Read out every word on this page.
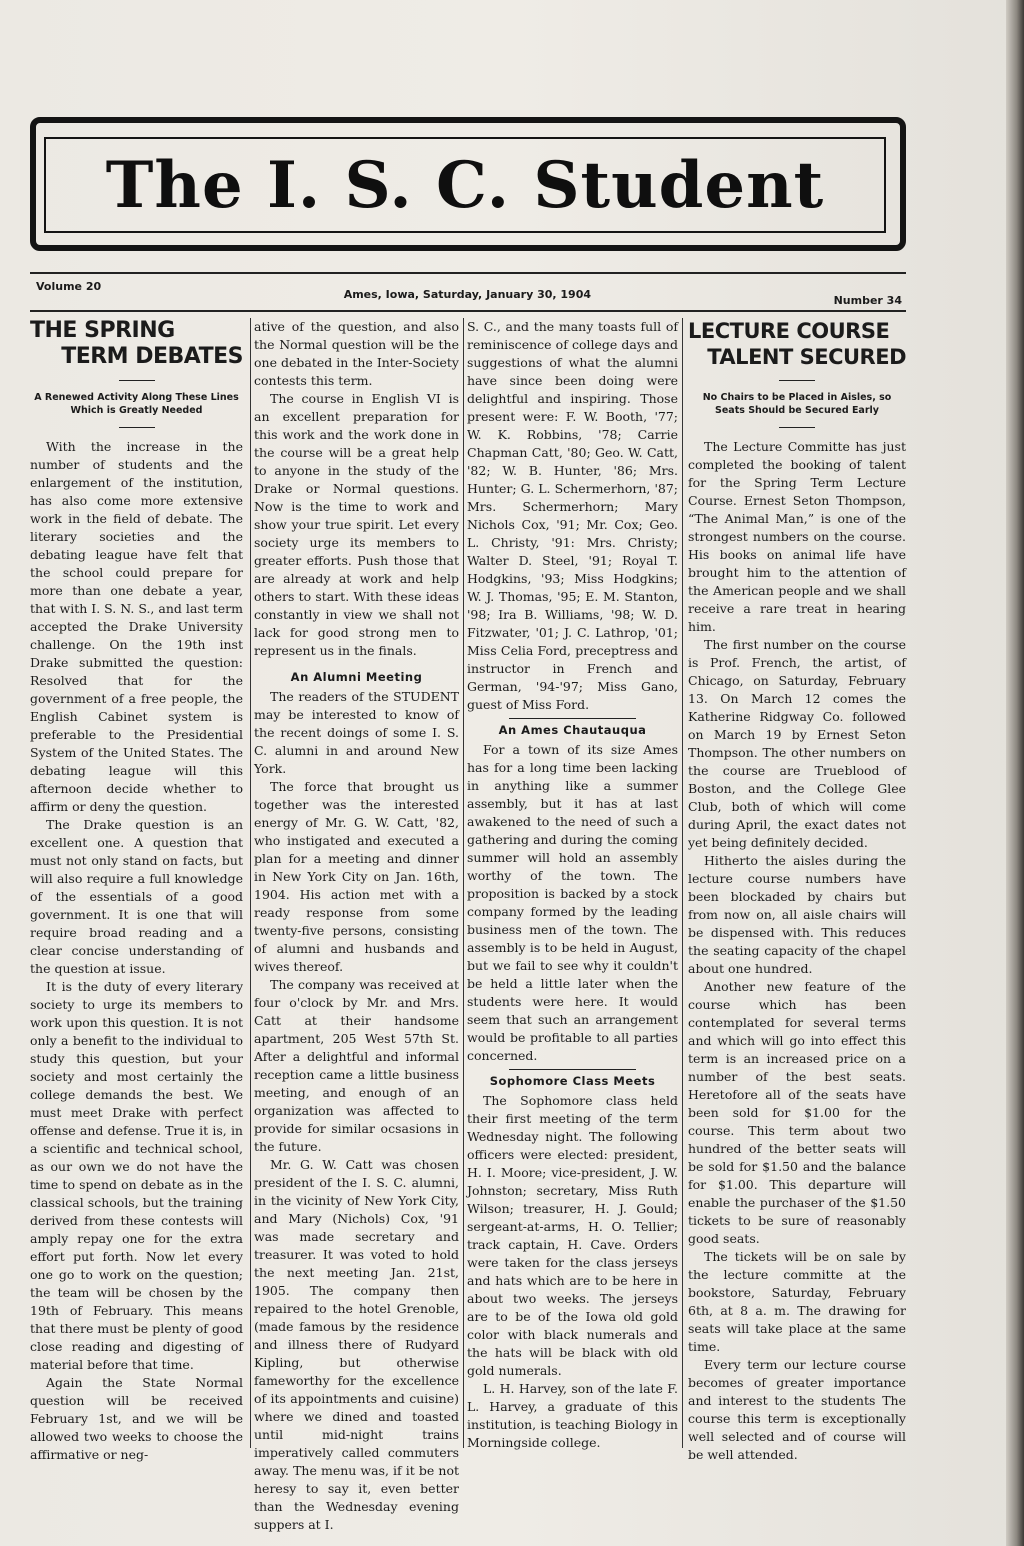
The I. S. C. Student
Volume 20
Ames, Iowa, Saturday, January 30, 1904	Number 34
THE SPRING
TERM DEBATES
A Renewed Activity Along These Lines Which is Greatly Needed

With the increase in the number of students and the enlargement of the institution, has also come more extensive work in the field of debate. The literary societies and the debating league have felt that the school could prepare for more than one debate a year, that with I. S. N. S., and last term accepted the Drake University challenge. On the 19th inst Drake submitted the question: Resolved that for the government of a free people, the English Cabinet system is preferable to the Presidential System of the United States. The debating league will this afternoon decide whether to affirm or deny the question.

The Drake question is an excellent one. A question that must not only stand on facts, but will also require a full knowledge of the essentials of a good government. It is one that will require broad reading and a clear concise understanding of the question at issue.

It is the duty of every literary society to urge its members to work upon this question. It is not only a benefit to the individual to study this question, but your society and most certainly the college demands the best. We must meet Drake with perfect offense and defense. True it is, in a scientific and technical school, as our own we do not have the time to spend on debate as in the classical schools, but the training derived from these contests will amply repay one for the extra effort put forth. Now let every one go to work on the question; the team will be chosen by the 19th of February. This means that there must be plenty of good close reading and digesting of material before that time.

Again the State Normal question will be received February 1st, and we will be allowed two weeks to choose the affirmative or neg-

ative of the question, and also the Normal question will be the one debated in the Inter-Society contests this term.

The course in English VI is an excellent preparation for this work and the work done in the course will be a great help to anyone in the study of the Drake or Normal questions. Now is the time to work and show your true spirit. Let every society urge its members to greater efforts. Push those that are already at work and help others to start. With these ideas constantly in view we shall not lack for good strong men to represent us in the finals.

An Alumni Meeting

The readers of the STUDENT may be interested to know of the recent doings of some I. S. C. alumni in and around New York.

The force that brought us together was the interested energy of Mr. G. W. Catt, '82, who instigated and executed a plan for a meeting and dinner in New York City on Jan. 16th, 1904. His action met with a ready response from some twenty-five persons, consisting of alumni and husbands and wives thereof.

The company was received at four o'clock by Mr. and Mrs. Catt at their handsome apartment, 205 West 57th St. After a delightful and informal reception came a little business meeting, and enough of an organization was affected to provide for similar ocsasions in the future.

Mr. G. W. Catt was chosen president of the I. S. C. alumni, in the vicinity of New York City, and Mary (Nichols) Cox, '91 was made secretary and treasurer. It was voted to hold the next meeting Jan. 21st, 1905. The company then repaired to the hotel Grenoble, (made famous by the residence and illness there of Rudyard Kipling, but otherwise fameworthy for the excellence of its appointments and cuisine) where we dined and toasted until mid-night trains imperatively called commuters away. The menu was, if it be not heresy to say it, even better than the Wednesday evening suppers at I.

S. C., and the many toasts full of reminiscence of college days and suggestions of what the alumni have since been doing were delightful and inspiring. Those present were: F. W. Booth, '77; W. K. Robbins, '78; Carrie Chapman Catt, '80; Geo. W. Catt, '82; W. B. Hunter, '86; Mrs. Hunter; G. L. Schermerhorn, '87; Mrs. Schermerhorn; Mary Nichols Cox, '91; Mr. Cox; Geo. L. Christy, '91: Mrs. Christy; Walter D. Steel, '91; Royal T. Hodgkins, '93; Miss Hodgkins; W. J. Thomas, '95; E. M. Stanton, '98; Ira B. Williams, '98; W. D. Fitzwater, '01; J. C. Lathrop, '01; Miss Celia Ford, preceptress and instructor in French and German, '94-'97; Miss Gano, guest of Miss Ford.

An Ames Chautauqua

For a town of its size Ames has for a long time been lacking in anything like a summer assembly, but it has at last awakened to the need of such a gathering and during the coming summer will hold an assembly worthy of the town. The proposition is backed by a stock company formed by the leading business men of the town. The assembly is to be held in August, but we fail to see why it couldn't be held a little later when the students were here. It would seem that such an arrangement would be profitable to all parties concerned.

Sophomore Class Meets

The Sophomore class held their first meeting of the term Wednesday night. The following officers were elected: president, H. I. Moore; vice-president, J. W. Johnston; secretary, Miss Ruth Wilson; treasurer, H. J. Gould; sergeant-at-arms, H. O. Tellier; track captain, H. Cave. Orders were taken for the class jerseys and hats which are to be here in about two weeks. The jerseys are to be of the Iowa old gold color with black numerals and the hats will be black with old gold numerals.

L. H. Harvey, son of the late F. L. Harvey, a graduate of this institution, is teaching Biology in Morningside college.

LECTURE COURSE
TALENT SECURED
No Chairs to be Placed in Aisles, so Seats Should be Secured Early

The Lecture Committe has just completed the booking of talent for the Spring Term Lecture Course. Ernest Seton Thompson, “The Animal Man,” is one of the strongest numbers on the course. His books on animal life have brought him to the attention of the American people and we shall receive a rare treat in hearing him.

The first number on the course is Prof. French, the artist, of Chicago, on Saturday, February 13. On March 12 comes the Katherine Ridgway Co. followed on March 19 by Ernest Seton Thompson. The other numbers on the course are Trueblood of Boston, and the College Glee Club, both of which will come during April, the exact dates not yet being definitely decided.

Hitherto the aisles during the lecture course numbers have been blockaded by chairs but from now on, all aisle chairs will be dispensed with. This reduces the seating capacity of the chapel about one hundred.

Another new feature of the course which has been contemplated for several terms and which will go into effect this term is an increased price on a number of the best seats. Heretofore all of the seats have been sold for $1.00 for the course. This term about two hundred of the better seats will be sold for $1.50 and the balance for $1.00. This departure will enable the purchaser of the $1.50 tickets to be sure of reasonably good seats.

The tickets will be on sale by the lecture committe at the bookstore, Saturday, February 6th, at 8 a. m. The drawing for seats will take place at the same time.

Every term our lecture course becomes of greater importance and interest to the students The course this term is exceptionally well selected and of course will be well attended.
